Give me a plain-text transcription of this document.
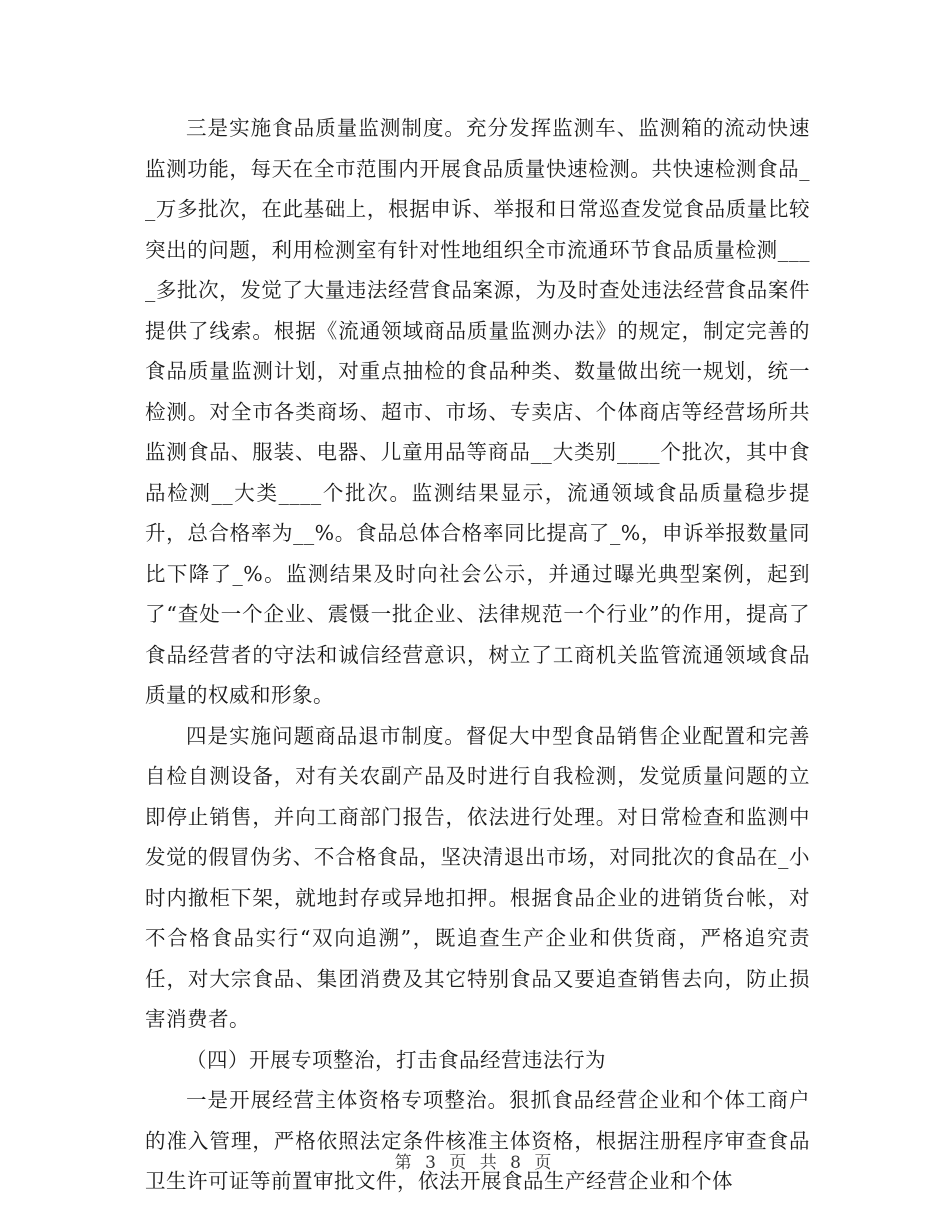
三是实施食品质量监测制度。充分发挥监测车、监测箱的流动快速监测功能，每天在全市范围内开展食品质量快速检测。共快速检测食品__万多批次，在此基础上，根据申诉、举报和日常巡查发觉食品质量比较突出的问题，利用检测室有针对性地组织全市流通环节食品质量检测____多批次，发觉了大量违法经营食品案源，为及时查处违法经营食品案件提供了线索。根据《流通领域商品质量监测办法》的规定，制定完善的食品质量监测计划，对重点抽检的食品种类、数量做出统一规划，统一检测。对全市各类商场、超市、市场、专卖店、个体商店等经营场所共监测食品、服装、电器、儿童用品等商品__大类别____个批次，其中食品检测__大类____个批次。监测结果显示，流通领域食品质量稳步提升，总合格率为__%。食品总体合格率同比提高了_%，申诉举报数量同比下降了_%。监测结果及时向社会公示，并通过曝光典型案例，起到了“查处一个企业、震慑一批企业、法律规范一个行业”的作用，提高了食品经营者的守法和诚信经营意识，树立了工商机关监管流通领域食品质量的权威和形象。

四是实施问题商品退市制度。督促大中型食品销售企业配置和完善自检自测设备，对有关农副产品及时进行自我检测，发觉质量问题的立即停止销售，并向工商部门报告，依法进行处理。对日常检查和监测中发觉的假冒伪劣、不合格食品，坚决清退出市场，对同批次的食品在_小时内撤柜下架，就地封存或异地扣押。根据食品企业的进销货台帐，对不合格食品实行“双向追溯”，既追查生产企业和供货商，严格追究责任，对大宗食品、集团消费及其它特别食品又要追查销售去向，防止损害消费者。

（四）开展专项整治，打击食品经营违法行为

一是开展经营主体资格专项整治。狠抓食品经营企业和个体工商户的准入管理，严格依照法定条件核准主体资格，根据注册程序审查食品卫生许可证等前置审批文件，依法开展食品生产经营企业和个体

第 3 页 共 8 页
